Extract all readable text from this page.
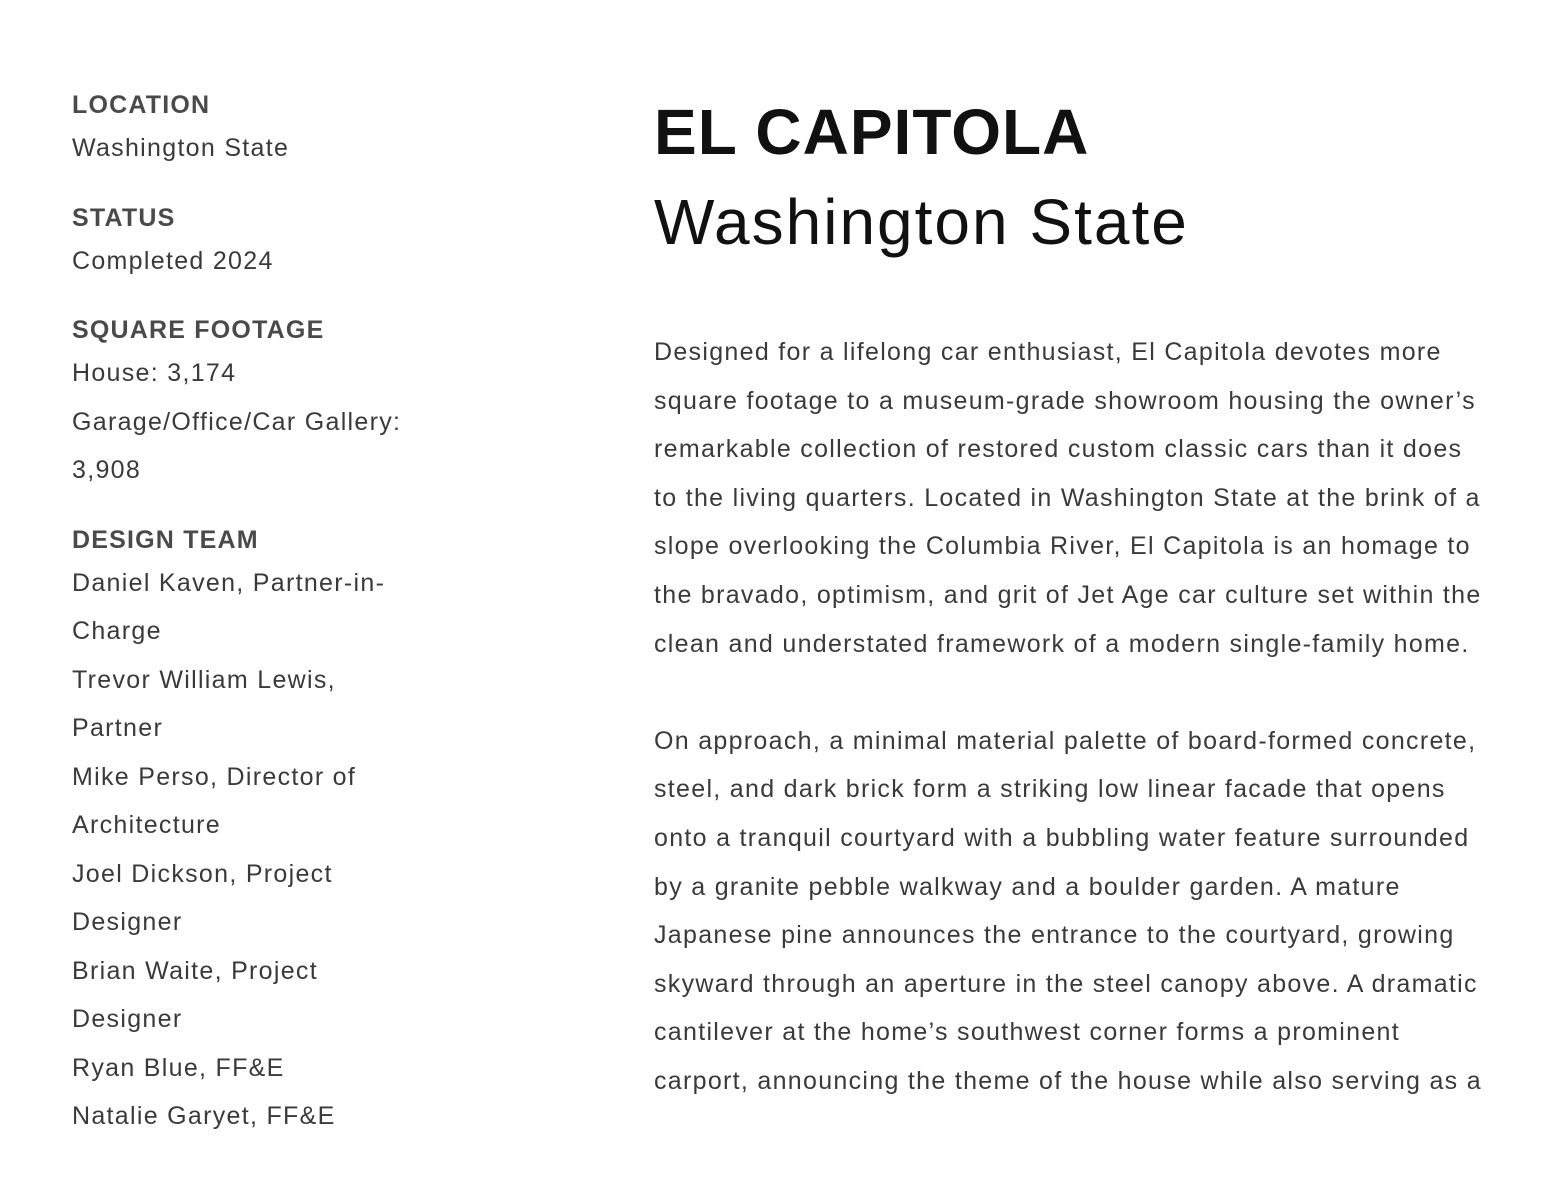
LOCATION

Washington State

STATUS

Completed 2024

SQUARE FOOTAGE

House: 3,174

Garage/Office/Car Gallery:

3,908

DESIGN TEAM

Daniel Kaven, Partner-in-

Charge

Trevor William Lewis,

Partner

Mike Perso, Director of

Architecture

Joel Dickson, Project

Designer

Brian Waite, Project

Designer

Ryan Blue, FF&E

Natalie Garyet, FF&E

EL CAPITOLA
Washington State

Designed for a lifelong car enthusiast, El Capitola devotes more square footage to a museum-grade showroom housing the owner’s remarkable collection of restored custom classic cars than it does to the living quarters. Located in Washington State at the brink of a slope overlooking the Columbia River, El Capitola is an homage to the bravado, optimism, and grit of Jet Age car culture set within the clean and understated framework of a modern single-family home.

On approach, a minimal material palette of board-formed concrete, steel, and dark brick form a striking low linear facade that opens onto a tranquil courtyard with a bubbling water feature surrounded by a granite pebble walkway and a boulder garden. A mature Japanese pine announces the entrance to the courtyard, growing skyward through an aperture in the steel canopy above. A dramatic cantilever at the home’s southwest corner forms a prominent carport, announcing the theme of the house while also serving as a
